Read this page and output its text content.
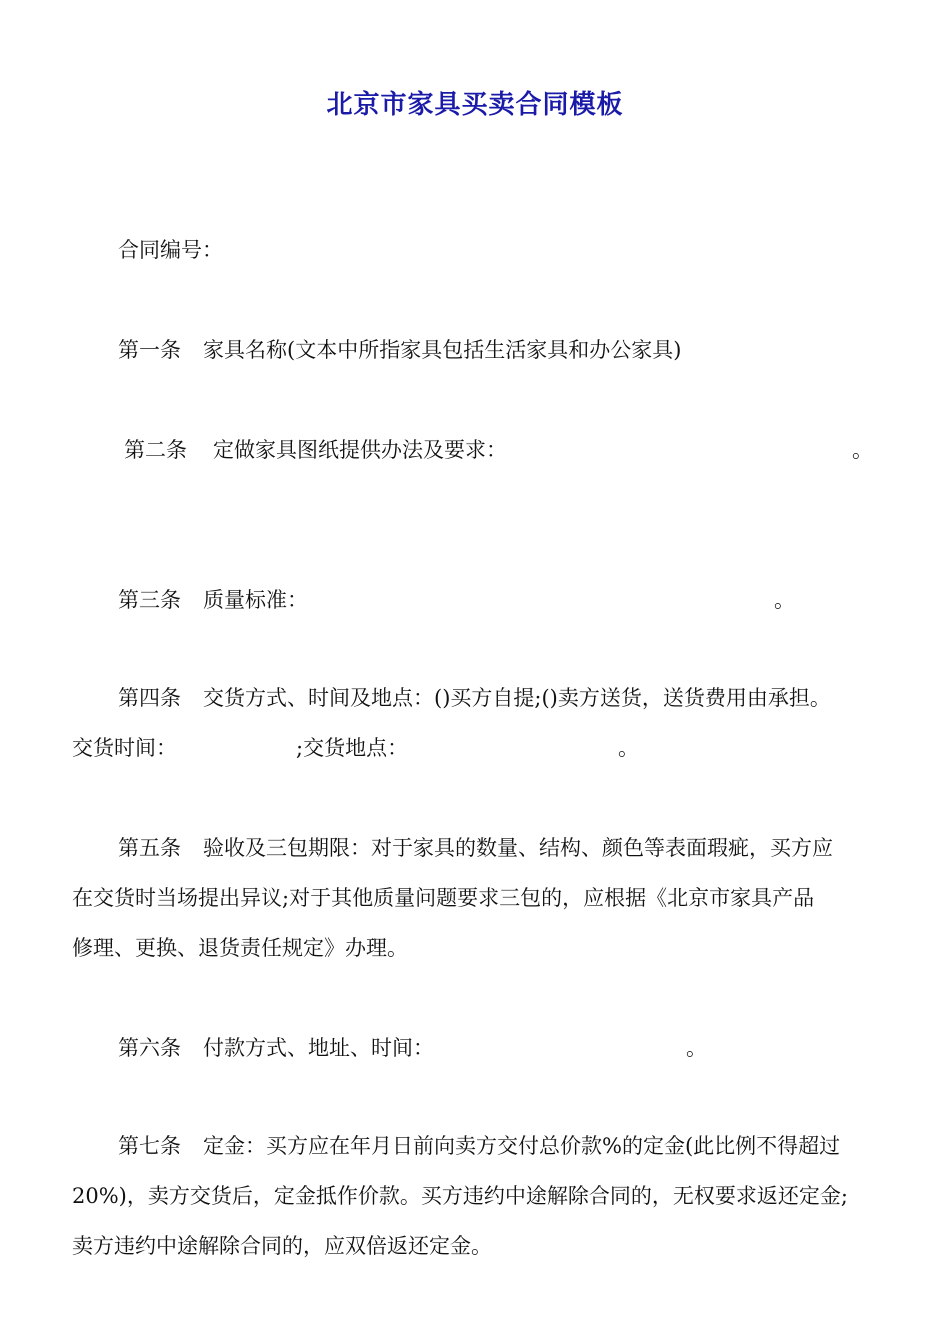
北京市家具买卖合同模板
合同编号：
第一条 家具名称(文本中所指家具包括生活家具和办公家具)
第二条 定做家具图纸提供办法及要求：	。
第三条 质量标准：	。
第四条 交货方式、时间及地点：()买方自提;()卖方送货，送货费用由承担。
交货时间：	;交货地点：	。
第五条 验收及三包期限：对于家具的数量、结构、颜色等表面瑕疵，买方应
在交货时当场提出异议;对于其他质量问题要求三包的，应根据《北京市家具产品
修理、更换、退货责任规定》办理。
第六条 付款方式、地址、时间：	。
第七条 定金：买方应在年月日前向卖方交付总价款%的定金(此比例不得超过
20%)，卖方交货后，定金抵作价款。买方违约中途解除合同的，无权要求返还定金;
卖方违约中途解除合同的，应双倍返还定金。
